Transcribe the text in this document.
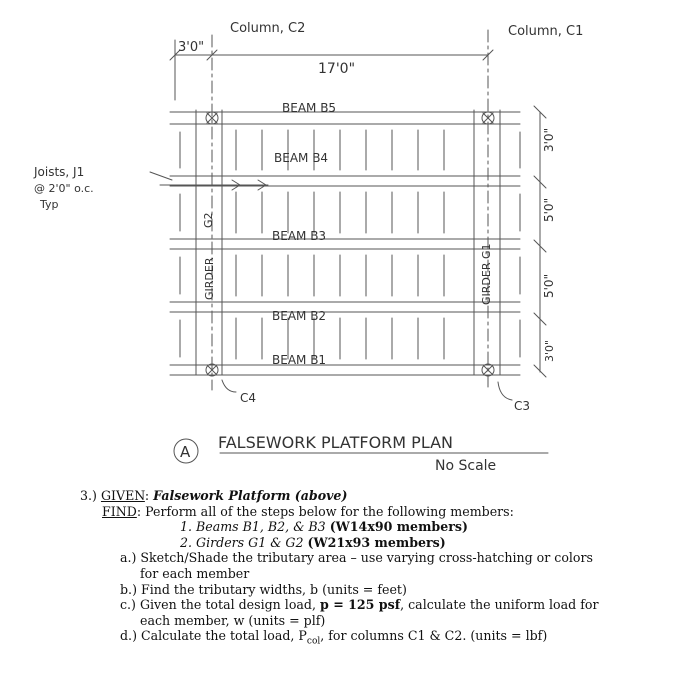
Column, C2	Column, C1
3'0"
17'0"
Joists, J1
@ 2'0" o.c.
Typ
BEAM B5
BEAM B4
BEAM B3
BEAM B2
BEAM B1
G2
GIRDER	GIRDER G1
3'0"
5'0"
5'0"
3'0"
C4
C3
A FALSEWORK PLATFORM PLAN
No Scale
3.) GIVEN: Falsework Platform (above)
FIND: Perform all of the steps below for the following members:
1. Beams B1, B2, & B3 (W14x90 members)
2. Girders G1 & G2 (W21x93 members)
a.) Sketch/Shade the tributary area – use varying cross-hatching or colors
for each member
b.) Find the tributary widths, b (units = feet)
c.) Given the total design load, p = 125 psf, calculate the uniform load for
each member, w (units = plf)
d.) Calculate the total load, $P_{col}$, for columns C1 & C2. (units = lbf)
